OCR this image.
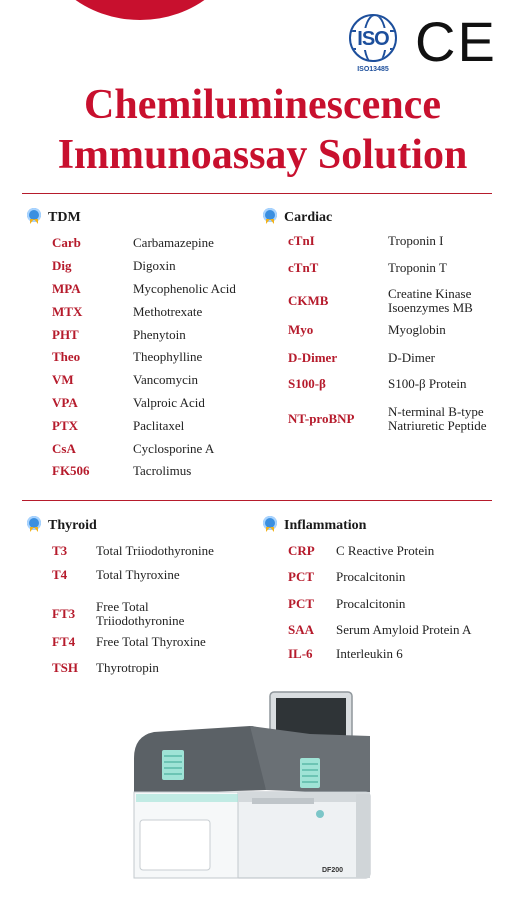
ISO
ISO13485 CE
Chemiluminescence
Immunoassay Solution
TDM
Carb	Carbamazepine
Dig	Digoxin
MPA	Mycophenolic Acid
MTX	Methotrexate
PHT	Phenytoin
Theo	Theophylline
VM	Vancomycin
VPA	Valproic Acid
PTX	Paclitaxel
CsA	Cyclosporine A
FK506	Tacrolimus
Cardiac
cTnI	Troponin I
cTnT	Troponin T
CKMB	Creatine Kinase
Isoenzymes MB
Myo	Myoglobin
D-Dimer	D-Dimer
S100-β	S100-β Protein
NT-proBNP	N-terminal B-type
Natriuretic Peptide
Thyroid
T3 Total Triiodothyronine
T4 Total Thyroxine
FT3 Free Total
Triiodothyronine
FT4 Free Total Thyroxine
TSH Thyrotropin
Inflammation
CRP C Reactive Protein
PCT Procalcitonin
PCT Procalcitonin
SAA Serum Amyloid Protein A
IL-6 Interleukin 6
DF200
